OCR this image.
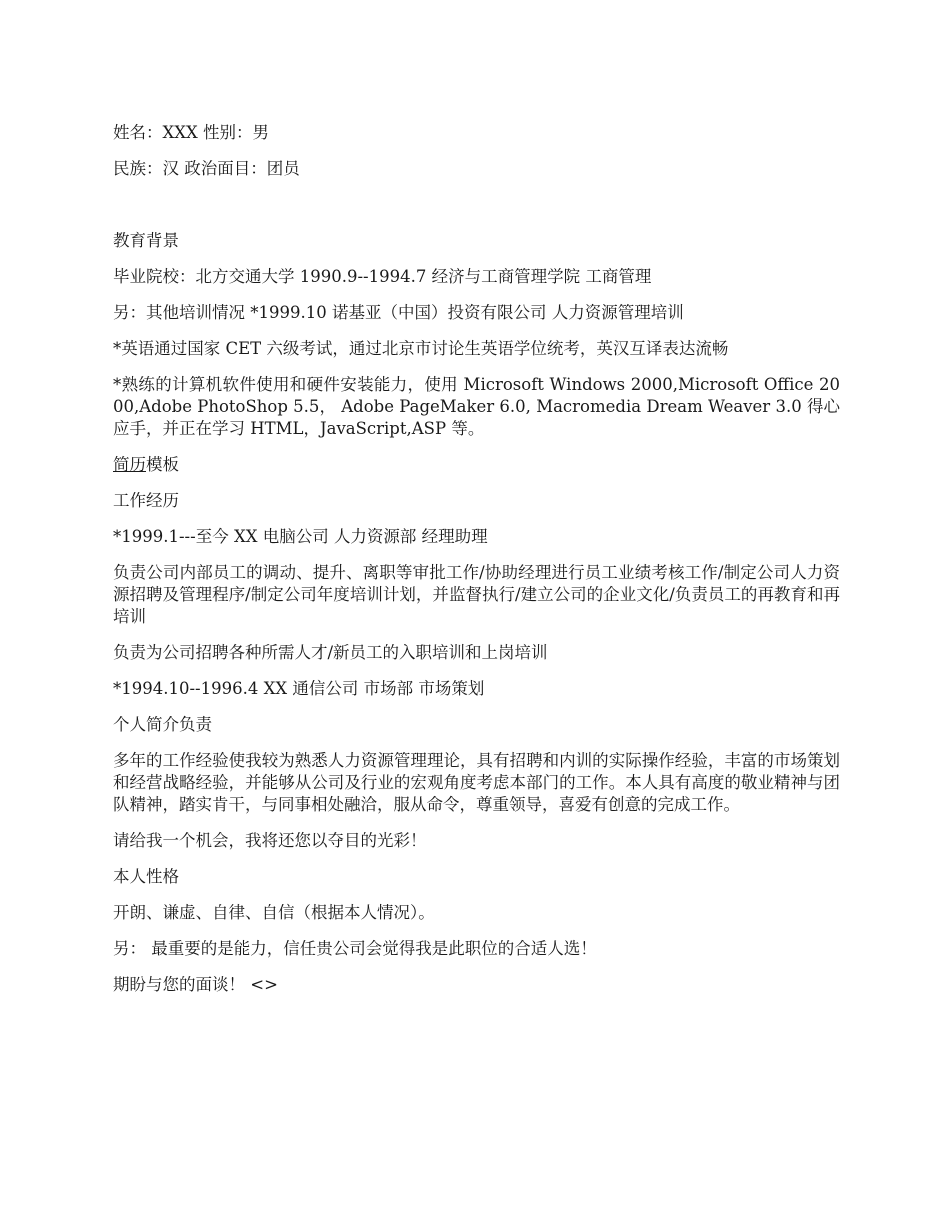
姓名：XXX 性别：男

民族：汉 政治面目：团员

教育背景

毕业院校：北方交通大学 1990.9--1994.7 经济与工商管理学院 工商管理

另：其他培训情况 *1999.10 诺基亚（中国）投资有限公司 人力资源管理培训

*英语通过国家 CET 六级考试，通过北京市讨论生英语学位统考，英汉互译表达流畅

*熟练的计算机软件使用和硬件安装能力，使用 Microsoft Windows 2000,Microsoft Office 2000,Adobe PhotoShop 5.5， Adobe PageMaker 6.0, Macromedia Dream Weaver 3.0 得心应手，并正在学习 HTML，JavaScript,ASP 等。

简历模板

工作经历

*1999.1---至今 XX 电脑公司 人力资源部 经理助理

负责公司内部员工的调动、提升、离职等审批工作/协助经理进行员工业绩考核工作/制定公司人力资源招聘及管理程序/制定公司年度培训计划，并监督执行/建立公司的企业文化/负责员工的再教育和再培训

负责为公司招聘各种所需人才/新员工的入职培训和上岗培训

*1994.10--1996.4 XX 通信公司 市场部 市场策划

个人简介负责

多年的工作经验使我较为熟悉人力资源管理理论，具有招聘和内训的实际操作经验，丰富的市场策划和经营战略经验，并能够从公司及行业的宏观角度考虑本部门的工作。本人具有高度的敬业精神与团队精神，踏实肯干，与同事相处融洽，服从命令，尊重领导，喜爱有创意的完成工作。

请给我一个机会，我将还您以夺目的光彩！

本人性格

开朗、谦虚、自律、自信（根据本人情况）。

另： 最重要的是能力，信任贵公司会觉得我是此职位的合适人选！

期盼与您的面谈！ <>
